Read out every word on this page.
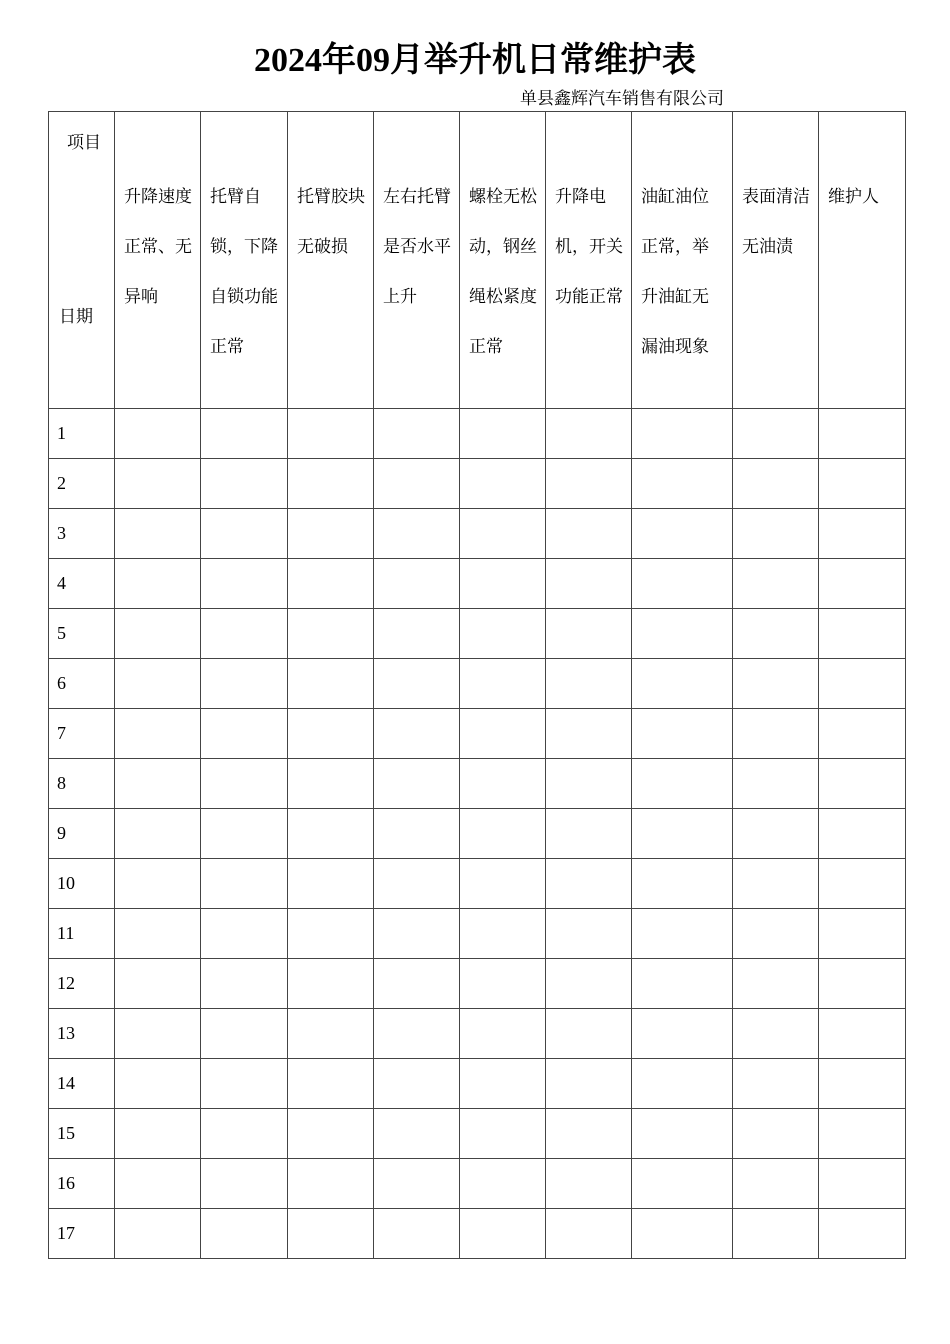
2024年09月举升机日常维护表
单县鑫辉汽车销售有限公司
项目
日期	升降速度正常、无异响	托臂自锁，下降自锁功能正常	托臂胶块无破损	左右托臂是否水平上升	螺栓无松动，钢丝绳松紧度正常	升降电机，开关功能正常	油缸油位正常，举升油缸无漏油现象	表面清洁无油渍	维护人
1									
2									
3									
4									
5									
6									
7									
8									
9									
10									
11									
12									
13									
14									
15									
16									
17									
